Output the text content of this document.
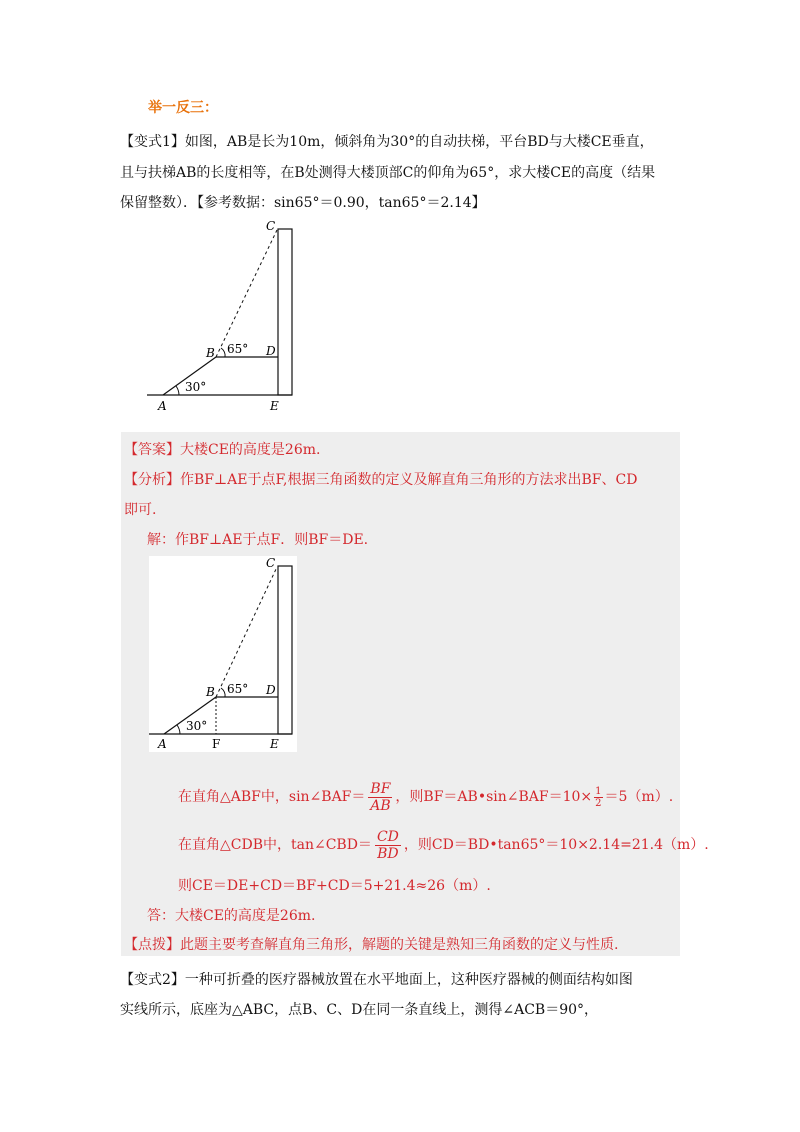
举一反三：
【变式1】如图，AB是长为10m，倾斜角为30°的自动扶梯，平台BD与大楼CE垂直，
且与扶梯AB的长度相等，在B处测得大楼顶部C的仰角为65°，求大楼CE的高度（结果
保留整数）．【参考数据：sin65°＝0.90，tan65°＝2.14】
C
B	D
A	E
65°
30°
【答案】大楼CE的高度是26m.
【分析】作BF⊥AE于点F,根据三角函数的定义及解直角三角形的方法求出BF、CD
即可.
解：作BF⊥AE于点F．则BF＝DE.
C
B	D
A	F	E
65°
30°
在直角△ABF中，sin∠BAF＝ $\frac{BF}{AB}$ ，则BF＝AB•sin∠BAF＝10× $\frac{1}{2} =5(m)$.
在直角△CDB中，tan∠CBD＝ $\frac{CD}{BD}$ ，则CD＝BD•tan65°＝10×2.14=21.4（m）.
则CE＝DE+CD＝BF+CD＝5+21.4≈26（m）.
答：大楼CE的高度是26m.
【点拨】此题主要考查解直角三角形，解题的关键是熟知三角函数的定义与性质.
【变式2】一种可折叠的医疗器械放置在水平地面上，这种医疗器械的侧面结构如图
实线所示，底座为△ABC，点B、C、D在同一条直线上，测得∠ACB＝90°，
